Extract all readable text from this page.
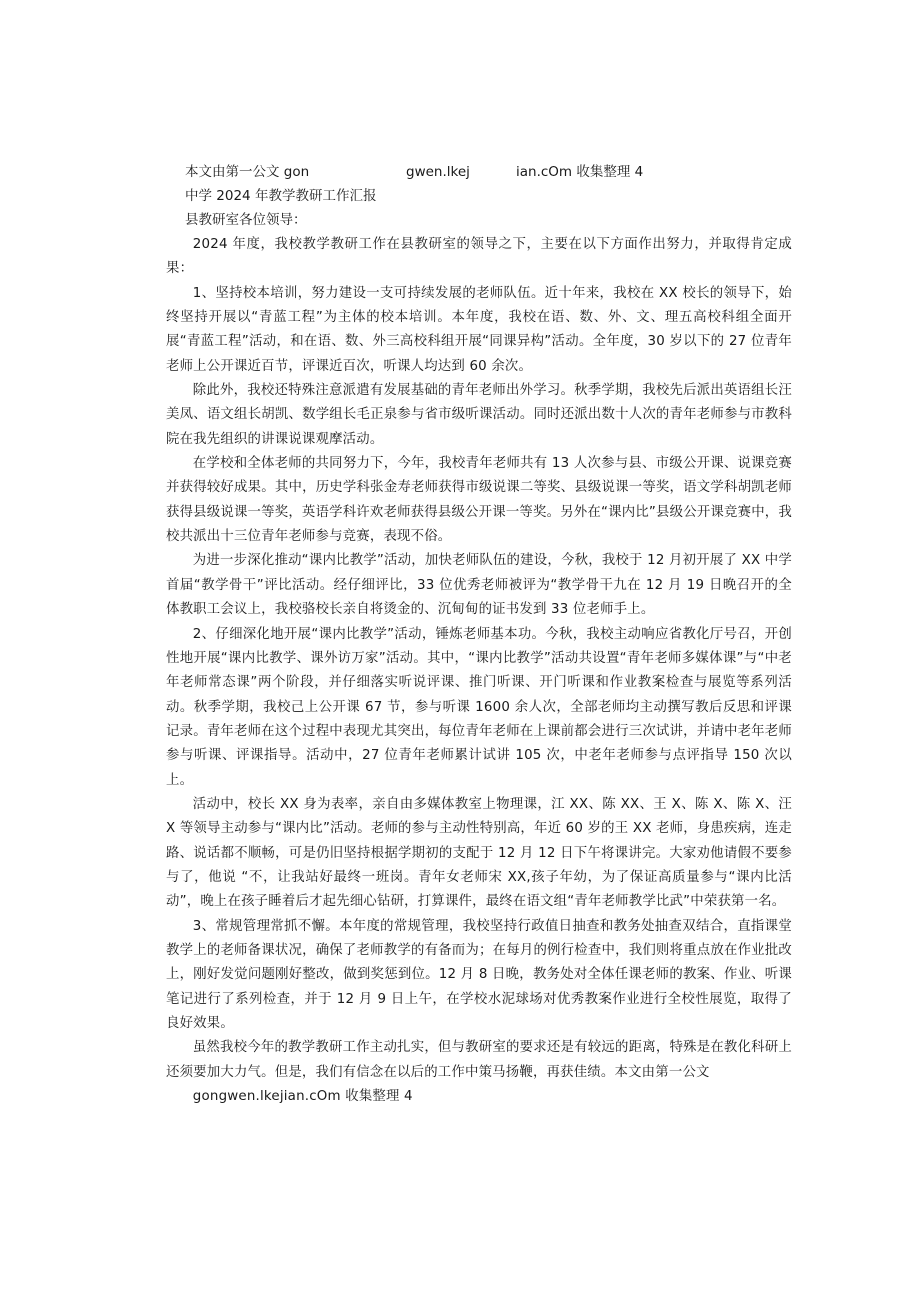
本文由第一公文 gon	gwen.lkej	ian.cOm 收集整理 4
中学 2024 年教学教研工作汇报
县教研室各位领导：

2024 年度，我校教学教研工作在县教研室的领导之下，主要在以下方面作出努力，并取得肯定成果：

1、坚持校本培训，努力建设一支可持续发展的老师队伍。近十年来，我校在 XX 校长的领导下，始终坚持开展以“青蓝工程”为主体的校本培训。本年度，我校在语、数、外、文、理五高校科组全面开展“青蓝工程”活动，和在语、数、外三高校科组开展“同课异构”活动。全年度，30 岁以下的 27 位青年老师上公开课近百节，评课近百次，听课人均达到 60 余次。

除此外，我校还特殊注意派遣有发展基础的青年老师出外学习。秋季学期，我校先后派出英语组长汪美凤、语文组长胡凯、数学组长毛正泉参与省市级听课活动。同时还派出数十人次的青年老师参与市教科院在我先组织的讲课说课观摩活动。

在学校和全体老师的共同努力下，今年，我校青年老师共有 13 人次参与县、市级公开课、说课竞赛并获得较好成果。其中，历史学科张金寿老师获得市级说课二等奖、县级说课一等奖，语文学科胡凯老师获得县级说课一等奖，英语学科许欢老师获得县级公开课一等奖。另外在“课内比”县级公开课竞赛中，我校共派出十三位青年老师参与竞赛，表现不俗。

为进一步深化推动“课内比教学”活动，加快老师队伍的建设，今秋，我校于 12 月初开展了 XX 中学首届“教学骨干”评比活动。经仔细评比，33 位优秀老师被评为“教学骨干九在 12 月 19 日晚召开的全体教职工会议上，我校骆校长亲自将烫金的、沉甸甸的证书发到 33 位老师手上。

2、仔细深化地开展“课内比教学”活动，锤炼老师基本功。今秋，我校主动响应省教化厅号召，开创性地开展“课内比教学、课外访万家”活动。其中，“课内比教学”活动共设置“青年老师多媒体课”与“中老年老师常态课”两个阶段，并仔细落实听说评课、推门听课、开门听课和作业教案检查与展览等系列活动。秋季学期，我校己上公开课 67 节，参与听课 1600 余人次，全部老师均主动撰写教后反思和评课记录。青年老师在这个过程中表现尤其突出，每位青年老师在上课前都会进行三次试讲，并请中老年老师参与听课、评课指导。活动中，27 位青年老师累计试讲 105 次，中老年老师参与点评指导 150 次以上。

活动中，校长 XX 身为表率，亲自由多媒体教室上物理课，江 XX、陈 XX、王 X、陈 X、陈 X、汪 X 等领导主动参与“课内比”活动。老师的参与主动性特别高，年近 60 岁的王 XX 老师，身患疾病，连走路、说话都不顺畅，可是仍旧坚持根据学期初的支配于 12 月 12 日下午将课讲完。大家劝他请假不要参与了，他说 “不，让我站好最终一班岗。青年女老师宋 XX,孩子年幼，为了保证高质量参与“课内比活动”，晚上在孩子睡着后才起先细心钻研，打算课件，最终在语文组“青年老师教学比武”中荣获第一名。

3、常规管理常抓不懈。本年度的常规管理，我校坚持行政值日抽查和教务处抽查双结合，直指课堂教学上的老师备课状况，确保了老师教学的有备而为；在每月的例行检查中，我们则将重点放在作业批改上，刚好发觉问题刚好整改，做到奖惩到位。12 月 8 日晚，教务处对全体任课老师的教案、作业、听课笔记进行了系列检查，并于 12 月 9 日上午，在学校水泥球场对优秀教案作业进行全校性展览，取得了良好效果。

虽然我校今年的教学教研工作主动扎实，但与教研室的要求还是有较远的距离，特殊是在教化科研上还须要加大力气。但是，我们有信念在以后的工作中策马扬鞭，再获佳绩。本文由第一公文

gongwen.lkejian.cOm 收集整理 4
